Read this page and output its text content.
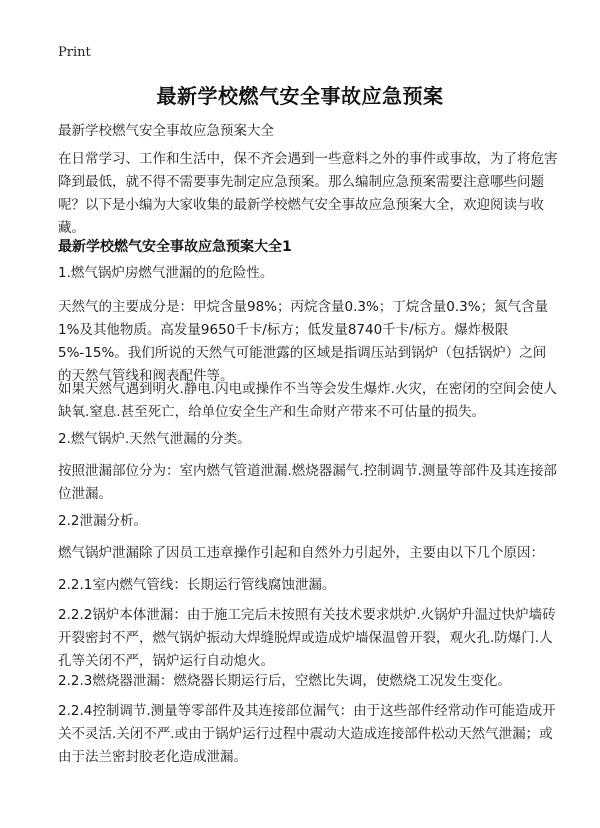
Print
最新学校燃气安全事故应急预案
最新学校燃气安全事故应急预案大全
在日常学习、工作和生活中，保不齐会遇到一些意料之外的事件或事故，为了将危害降到最低，就不得不需要事先制定应急预案。那么编制应急预案需要注意哪些问题呢？以下是小编为大家收集的最新学校燃气安全事故应急预案大全，欢迎阅读与收藏。
最新学校燃气安全事故应急预案大全1
1.燃气锅炉房燃气泄漏的的危险性。
天然气的主要成分是：甲烷含量98%；丙烷含量0.3%；丁烷含量0.3%；氮气含量1%及其他物质。高发量9650千卡/标方；低发量8740千卡/标方。爆炸极限5%-15%。我们所说的天然气可能泄露的区域是指调压站到锅炉（包括锅炉）之间的天然气管线和阀表配件等。
如果天然气遇到明火.静电.闪电或操作不当等会发生爆炸.火灾，在密闭的空间会使人缺氧.窒息.甚至死亡，给单位安全生产和生命财产带来不可估量的损失。
2.燃气锅炉.天然气泄漏的分类。
按照泄漏部位分为：室内燃气管道泄漏.燃烧器漏气.控制调节.测量等部件及其连接部位泄漏。
2.2泄漏分析。
燃气锅炉泄漏除了因员工违章操作引起和自然外力引起外，主要由以下几个原因：
2.2.1室内燃气管线：长期运行管线腐蚀泄漏。
2.2.2锅炉本体泄漏：由于施工完后未按照有关技术要求烘炉.火锅炉升温过快炉墙砖开裂密封不严，燃气锅炉振动大焊缝脱焊或造成炉墙保温曾开裂，观火孔.防爆门.人孔等关闭不严，锅炉运行自动熄火。
2.2.3燃烧器泄漏：燃烧器长期运行后，空燃比失调，使燃烧工况发生变化。
2.2.4控制调节.测量等零部件及其连接部位漏气：由于这些部件经常动作可能造成开关不灵活.关闭不严.或由于锅炉运行过程中震动大造成连接部件松动天然气泄漏；或由于法兰密封胶老化造成泄漏。
